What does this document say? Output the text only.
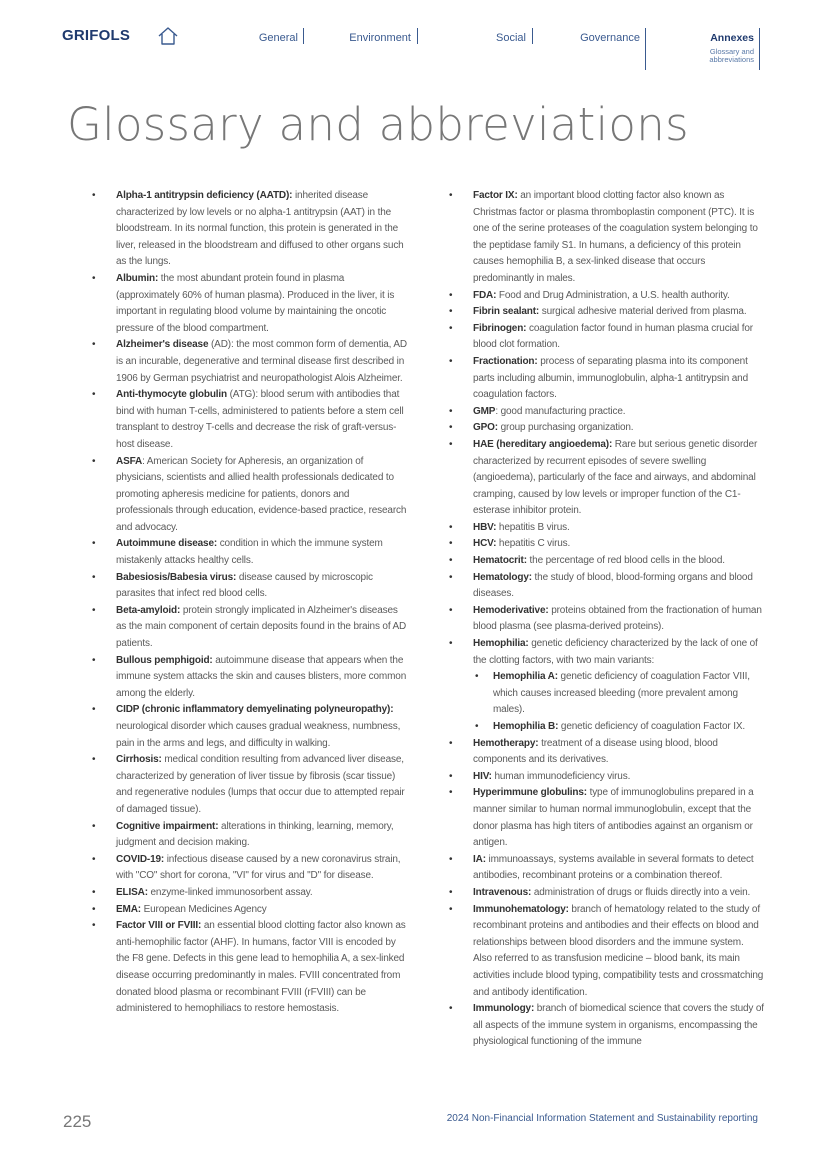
GRIFOLS	General	Environment	Social	Governance	Annexes
Glossary and
abbreviations
Glossary and abbreviations
• Alpha-1 antitrypsin deficiency (AATD): inherited disease characterized by low levels or no alpha-1 antitrypsin (AAT) in the bloodstream. In its normal function, this protein is generated in the liver, released in the bloodstream and diffused to other organs such as the lungs.
• Albumin: the most abundant protein found in plasma (approximately 60% of human plasma). Produced in the liver, it is important in regulating blood volume by maintaining the oncotic pressure of the blood compartment.
• Alzheimer's disease (AD): the most common form of dementia, AD is an incurable, degenerative and terminal disease first described in 1906 by German psychiatrist and neuropathologist Alois Alzheimer.
• Anti-thymocyte globulin (ATG): blood serum with antibodies that bind with human T-cells, administered to patients before a stem cell transplant to destroy T-cells and decrease the risk of graft-versus-host disease.
• ASFA: American Society for Apheresis, an organization of physicians, scientists and allied health professionals dedicated to promoting apheresis medicine for patients, donors and professionals through education, evidence-based practice, research and advocacy.
• Autoimmune disease: condition in which the immune system mistakenly attacks healthy cells.
• Babesiosis/Babesia virus: disease caused by microscopic parasites that infect red blood cells.
• Beta-amyloid: protein strongly implicated in Alzheimer's diseases as the main component of certain deposits found in the brains of AD patients.
• Bullous pemphigoid: autoimmune disease that appears when the immune system attacks the skin and causes blisters, more common among the elderly.
• CIDP (chronic inflammatory demyelinating polyneuropathy): neurological disorder which causes gradual weakness, numbness, pain in the arms and legs, and difficulty in walking.
• Cirrhosis: medical condition resulting from advanced liver disease, characterized by generation of liver tissue by fibrosis (scar tissue) and regenerative nodules (lumps that occur due to attempted repair of damaged tissue).
• Cognitive impairment: alterations in thinking, learning, memory, judgment and decision making.
• COVID-19: infectious disease caused by a new coronavirus strain, with "CO" short for corona, "VI" for virus and "D" for disease.
• ELISA: enzyme-linked immunosorbent assay.
• EMA: European Medicines Agency
• Factor VIII or FVIII: an essential blood clotting factor also known as anti-hemophilic factor (AHF). In humans, factor VIII is encoded by the F8 gene. Defects in this gene lead to hemophilia A, a sex-linked disease occurring predominantly in males. FVIII concentrated from donated blood plasma or recombinant FVIII (rFVIII) can be administered to hemophiliacs to restore hemostasis.
• Factor IX: an important blood clotting factor also known as Christmas factor or plasma thromboplastin component (PTC). It is one of the serine proteases of the coagulation system belonging to the peptidase family S1. In humans, a deficiency of this protein causes hemophilia B, a sex-linked disease that occurs predominantly in males.
• FDA: Food and Drug Administration, a U.S. health authority.
• Fibrin sealant: surgical adhesive material derived from plasma.
• Fibrinogen: coagulation factor found in human plasma crucial for blood clot formation.
• Fractionation: process of separating plasma into its component parts including albumin, immunoglobulin, alpha-1 antitrypsin and coagulation factors.
• GMP: good manufacturing practice.
• GPO: group purchasing organization.
• HAE (hereditary angioedema): Rare but serious genetic disorder characterized by recurrent episodes of severe swelling (angioedema), particularly of the face and airways, and abdominal cramping, caused by low levels or improper function of the C1- esterase inhibitor protein.
• HBV: hepatitis B virus.
• HCV: hepatitis C virus.
• Hematocrit: the percentage of red blood cells in the blood.
• Hematology: the study of blood, blood-forming organs and blood diseases.
• Hemoderivative: proteins obtained from the fractionation of human blood plasma (see plasma-derived proteins).
• Hemophilia: genetic deficiency characterized by the lack of one of the clotting factors, with two main variants:
• Hemophilia A: genetic deficiency of coagulation Factor VIII, which causes increased bleeding (more prevalent among males).
• Hemophilia B: genetic deficiency of coagulation Factor IX.
• Hemotherapy: treatment of a disease using blood, blood components and its derivatives.
• HIV: human immunodeficiency virus.
• Hyperimmune globulins: type of immunoglobulins prepared in a manner similar to human normal immunoglobulin, except that the donor plasma has high titers of antibodies against an organism or antigen.
• IA: immunoassays, systems available in several formats to detect antibodies, recombinant proteins or a combination thereof.
• Intravenous: administration of drugs or fluids directly into a vein.
• Immunohematology: branch of hematology related to the study of recombinant proteins and antibodies and their effects on blood and relationships between blood disorders and the immune system. Also referred to as transfusion medicine – blood bank, its main activities include blood typing, compatibility tests and crossmatching and antibody identification.
• Immunology: branch of biomedical science that covers the study of all aspects of the immune system in organisms, encompassing the physiological functioning of the immune
225	2024 Non-Financial Information Statement and Sustainability reporting
